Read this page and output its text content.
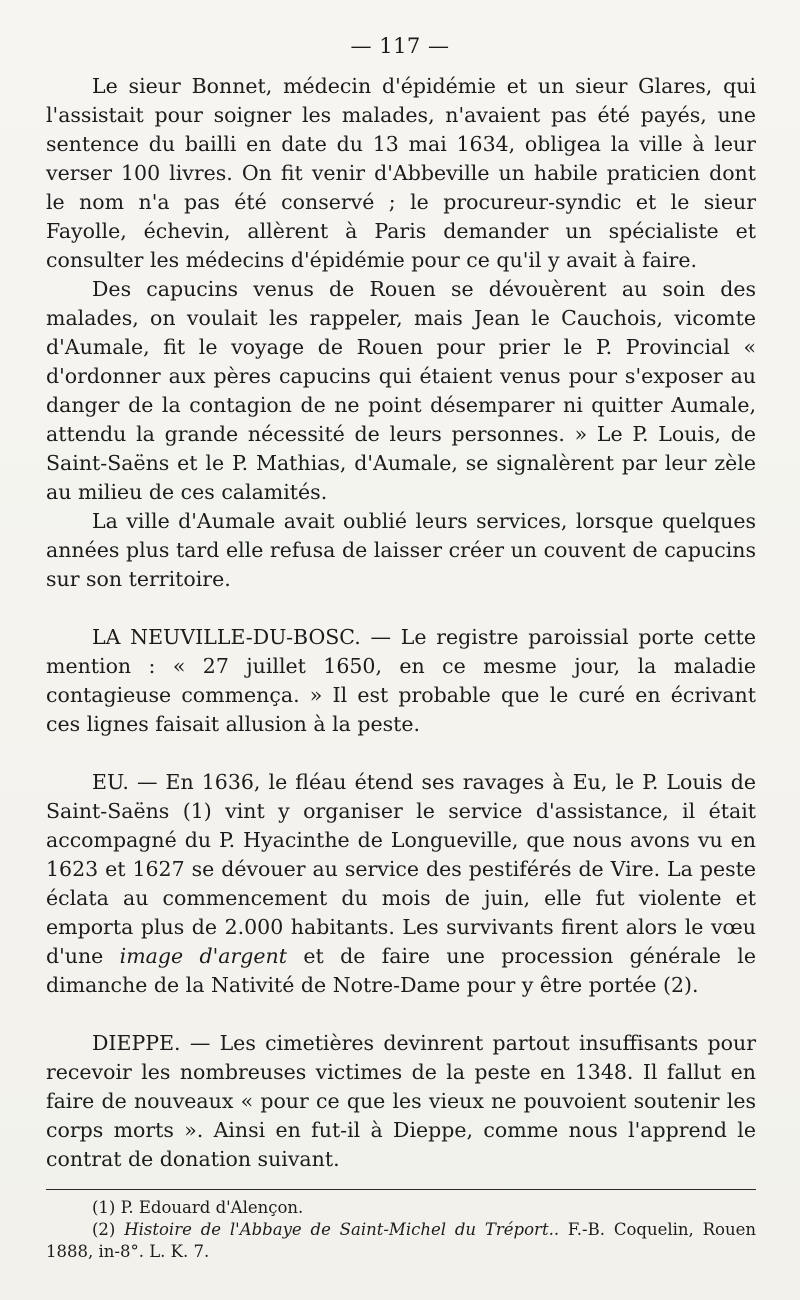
— 117 —

Le sieur Bonnet, médecin d'épidémie et un sieur Glares, qui l'assistait pour soigner les malades, n'avaient pas été payés, une sentence du bailli en date du 13 mai 1634, obligea la ville à leur verser 100 livres. On fit venir d'Abbeville un habile praticien dont le nom n'a pas été conservé ; le procureur-syndic et le sieur Fayolle, échevin, allèrent à Paris demander un spécialiste et consulter les médecins d'épidémie pour ce qu'il y avait à faire.

Des capucins venus de Rouen se dévouèrent au soin des malades, on voulait les rappeler, mais Jean le Cauchois, vicomte d'Aumale, fit le voyage de Rouen pour prier le P. Provincial « d'ordonner aux pères capucins qui étaient venus pour s'exposer au danger de la contagion de ne point désemparer ni quitter Aumale, attendu la grande nécessité de leurs personnes. » Le P. Louis, de Saint-Saëns et le P. Mathias, d'Aumale, se signalèrent par leur zèle au milieu de ces calamités.

La ville d'Aumale avait oublié leurs services, lorsque quelques années plus tard elle refusa de laisser créer un couvent de capucins sur son territoire.

LA NEUVILLE-DU-BOSC. — Le registre paroissial porte cette mention : « 27 juillet 1650, en ce mesme jour, la maladie contagieuse commença. » Il est probable que le curé en écrivant ces lignes faisait allusion à la peste.

EU. — En 1636, le fléau étend ses ravages à Eu, le P. Louis de Saint-Saëns (1) vint y organiser le service d'assistance, il était accompagné du P. Hyacinthe de Longueville, que nous avons vu en 1623 et 1627 se dévouer au service des pestiférés de Vire. La peste éclata au commencement du mois de juin, elle fut violente et emporta plus de 2.000 habitants. Les survivants firent alors le vœu d'une image d'argent et de faire une procession générale le dimanche de la Nativité de Notre-Dame pour y être portée (2).

DIEPPE. — Les cimetières devinrent partout insuffisants pour recevoir les nombreuses victimes de la peste en 1348. Il fallut en faire de nouveaux « pour ce que les vieux ne pouvoient soutenir les corps morts ». Ainsi en fut-il à Dieppe, comme nous l'apprend le contrat de donation suivant.

(1) P. Edouard d'Alençon.

(2) Histoire de l'Abbaye de Saint-Michel du Tréport.. F.-B. Coquelin, Rouen 1888, in-8°. L. K. 7.
